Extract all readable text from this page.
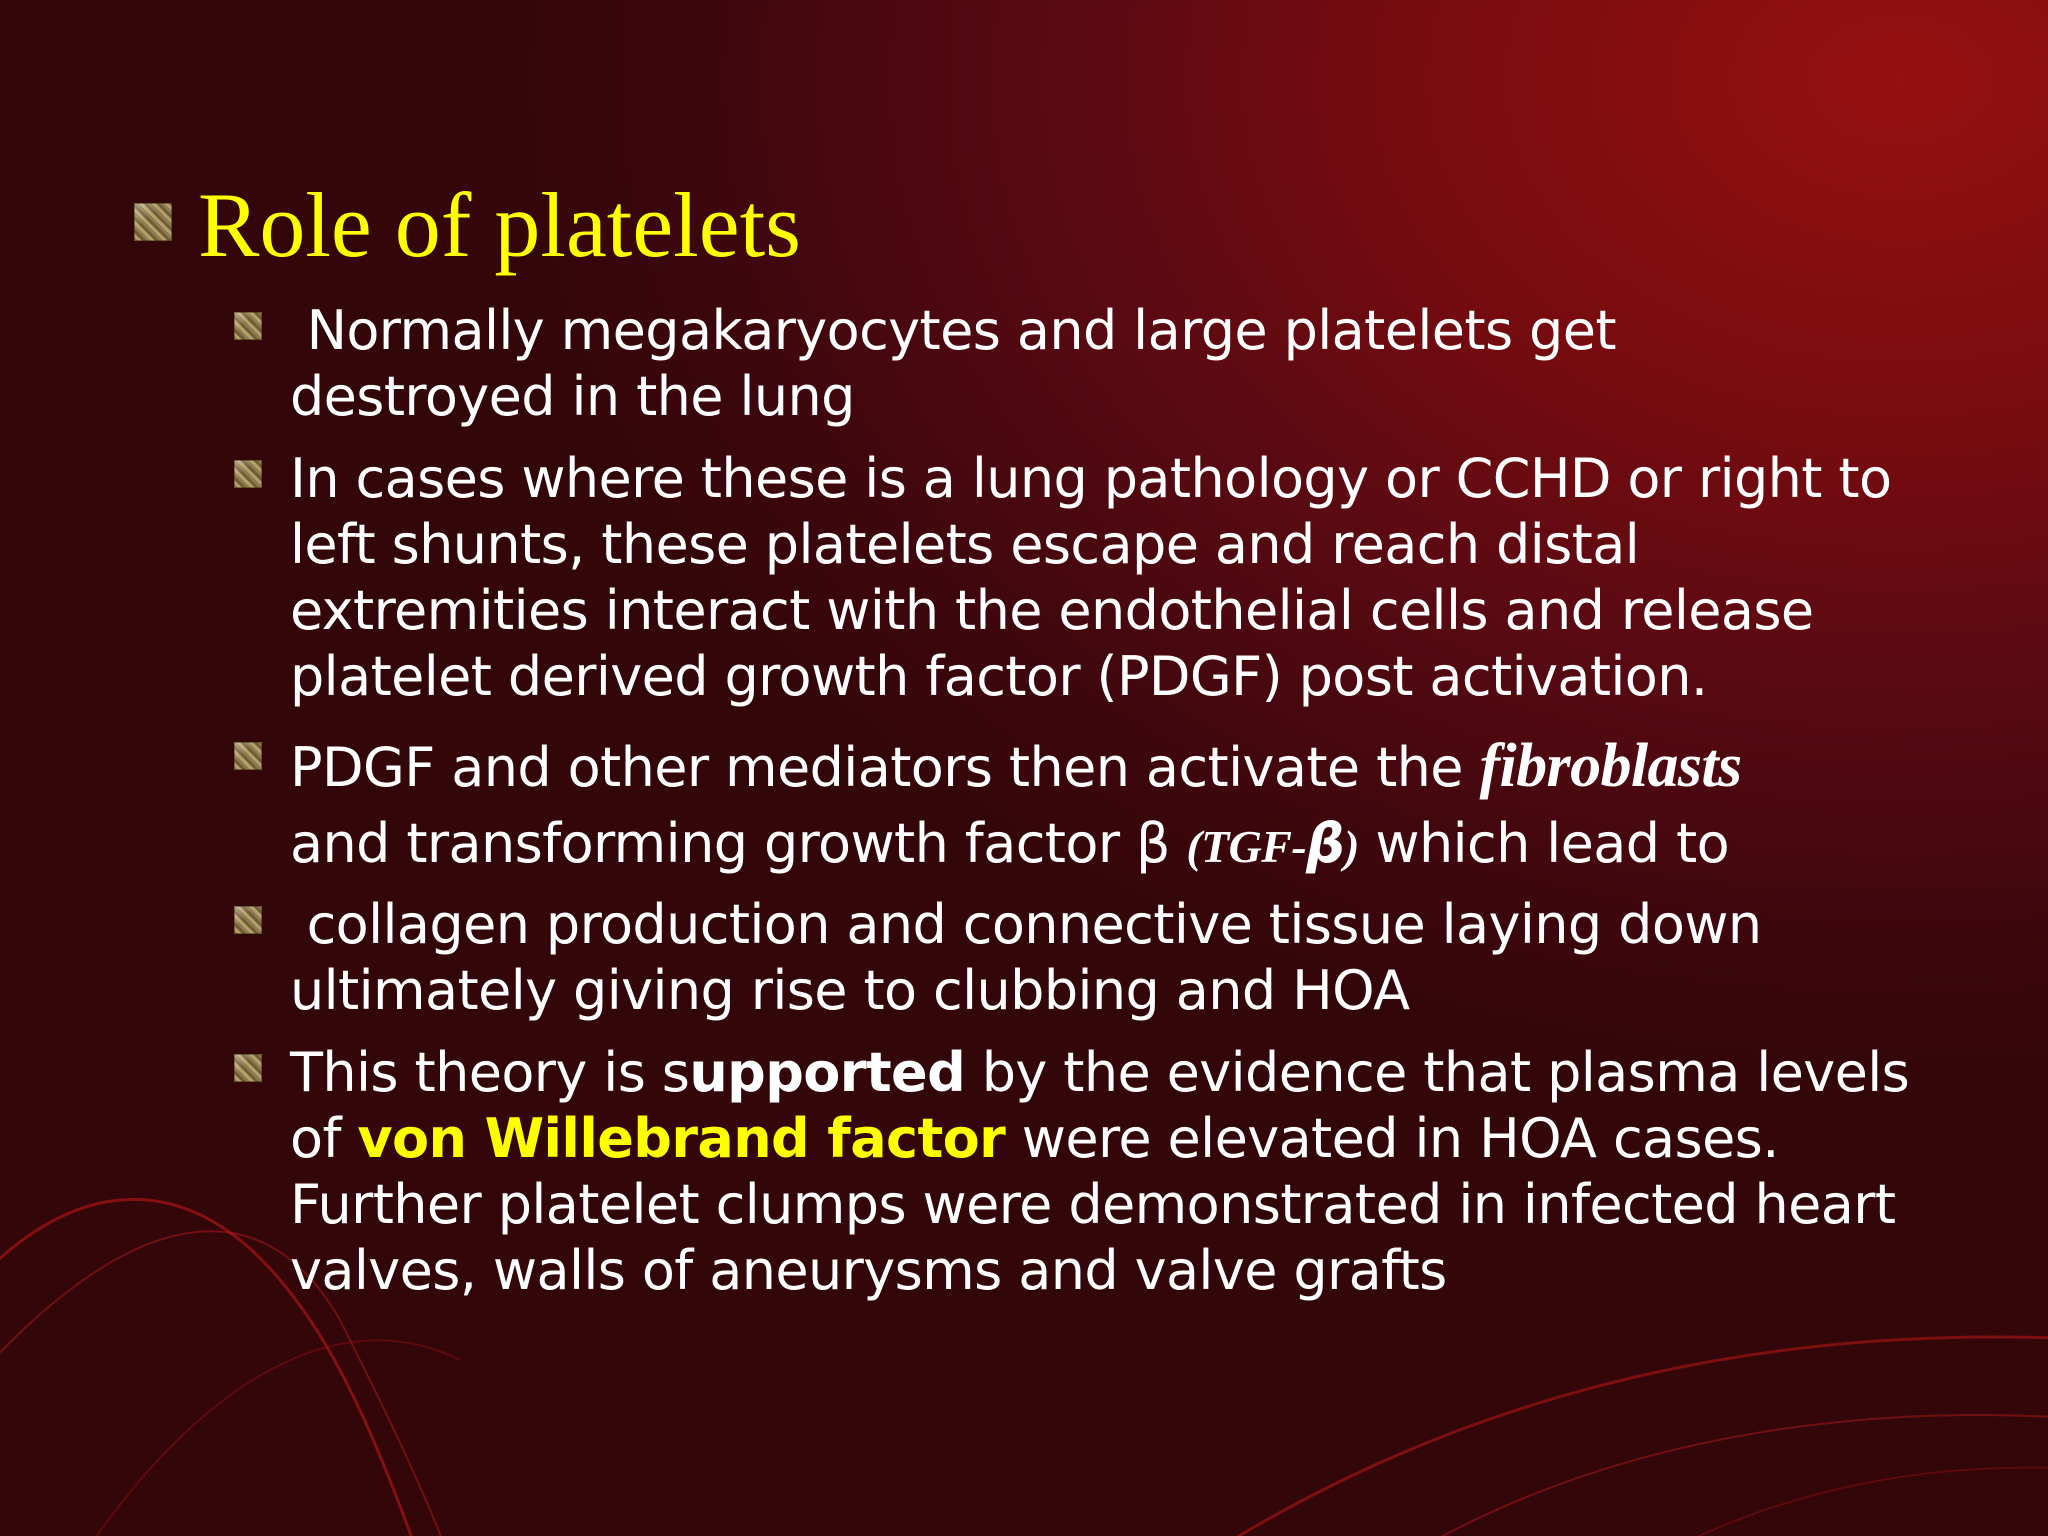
Role of platelets
Normally megakaryocytes and large platelets get destroyed in the lung
In cases where these is a lung pathology or CCHD or right to left shunts, these platelets escape and reach distal extremities interact with the endothelial cells and release platelet derived growth factor (PDGF) post activation.
PDGF and other mediators then activate the fibroblasts
and transforming growth factor β (TGF-β) which lead to
collagen production and connective tissue laying down ultimately giving rise to clubbing and HOA
This theory is supported by the evidence that plasma levels of von Willebrand factor were elevated in HOA cases. Further platelet clumps were demonstrated in infected heart valves, walls of aneurysms and valve grafts
